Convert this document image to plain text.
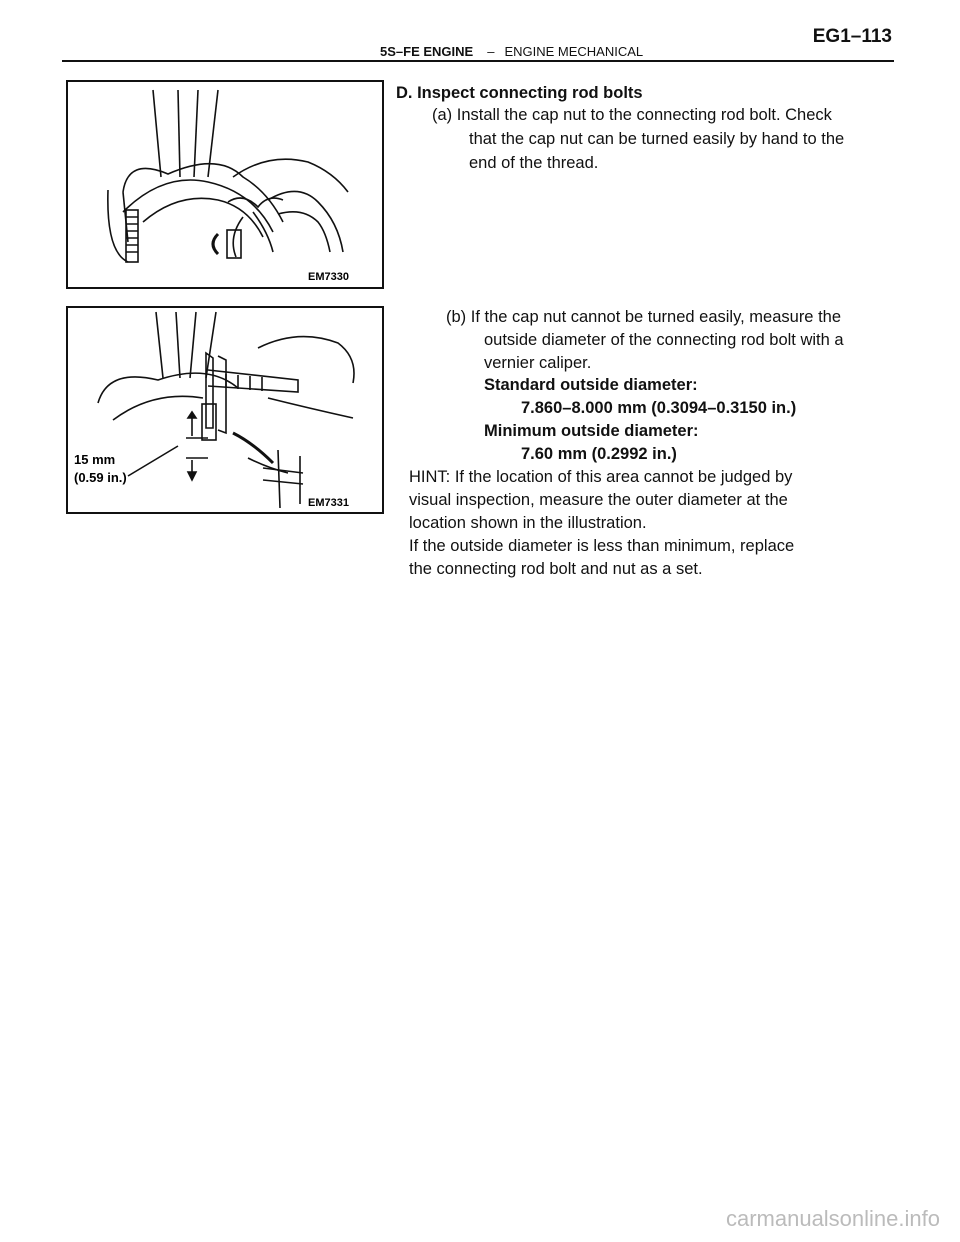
5S–FE ENGINE – ENGINE MECHANICAL
EG1–113
EM7330
15 mm
(0.59 in.)
EM7331
D. Inspect connecting rod bolts
(a) Install the cap nut to the connecting rod bolt. Check
that the cap nut can be turned easily by hand to the
end of the thread.
(b) If the cap nut cannot be turned easily, measure the
outside diameter of the connecting rod bolt with a
vernier caliper.
Standard outside diameter:
7.860–8.000 mm (0.3094–0.3150 in.)
Minimum outside diameter:
7.60 mm (0.2992 in.)
HINT: If the location of this area cannot be judged by
visual inspection, measure the outer diameter at the
location shown in the illustration.
If the outside diameter is less than minimum, replace
the connecting rod bolt and nut as a set.
carmanualsonline.info
